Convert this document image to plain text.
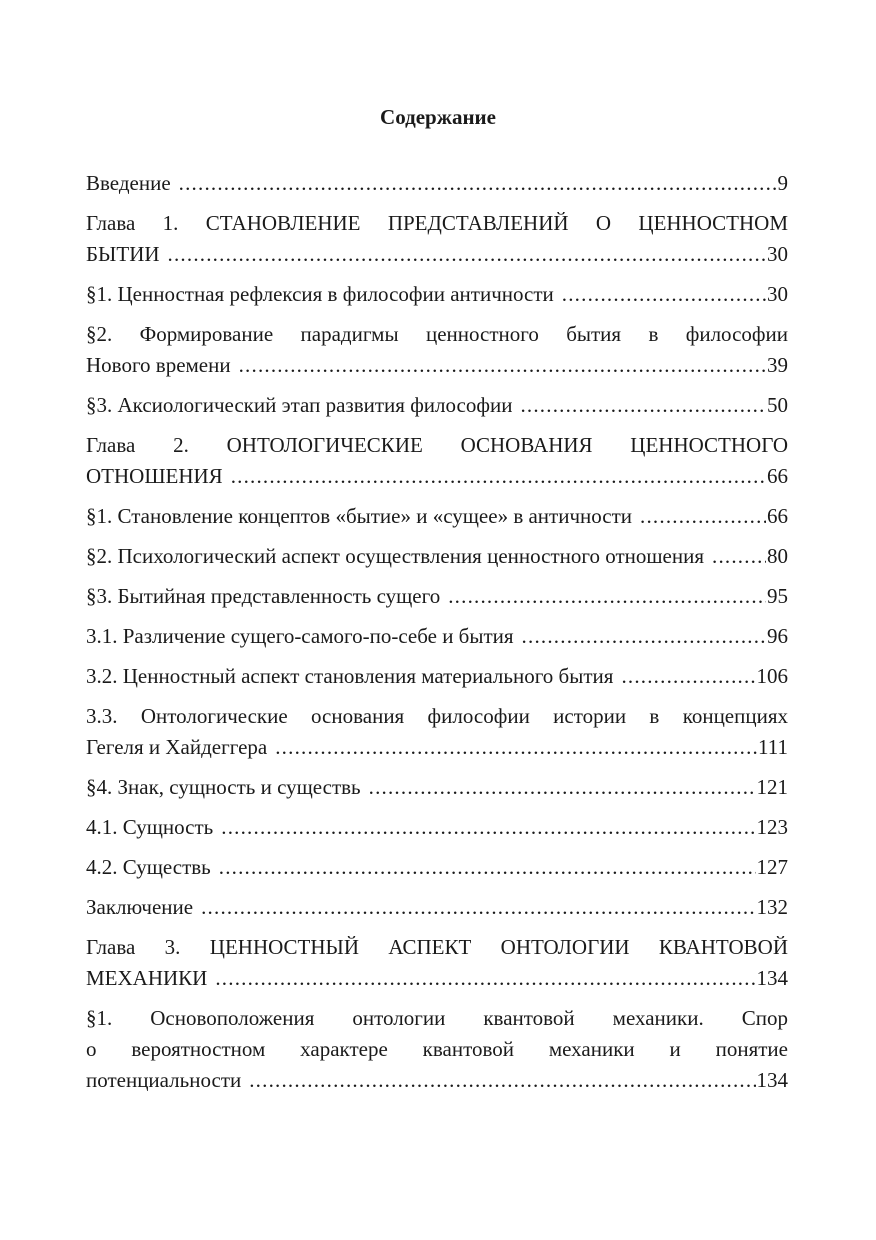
Содержание
Введение .....	9
Глава 1. СТАНОВЛЕНИЕ ПРЕДСТАВЛЕНИЙ О ЦЕННОСТНОМ
БЫТИИ .....	30
§1. Ценностная рефлексия в философии античности .....	30
§2. Формирование парадигмы ценностного бытия в философии
Нового времени .....	39
§3. Аксиологический этап развития философии .....	50
Глава 2. ОНТОЛОГИЧЕСКИЕ ОСНОВАНИЯ ЦЕННОСТНОГО
ОТНОШЕНИЯ .....	66
§1. Становление концептов «бытие» и «сущее» в античности .....	66
§2. Психологический аспект осуществления ценностного отношения .....	80
§3. Бытийная представленность сущего .....	95
3.1. Различение сущего-самого-по-себе и бытия .....	96
3.2. Ценностный аспект становления материального бытия .....	106
3.3. Онтологические основания философии истории в концепциях
Гегеля и Хайдеггера .....	111
§4. Знак, сущность и существь .....	121
4.1. Сущность .....	123
4.2. Существь .....	127
Заключение .....	132
Глава 3. ЦЕННОСТНЫЙ АСПЕКТ ОНТОЛОГИИ КВАНТОВОЙ
МЕХАНИКИ .....	134
§1. Основоположения онтологии квантовой механики. Спор
о вероятностном характере квантовой механики и понятие
потенциальности .....	134
